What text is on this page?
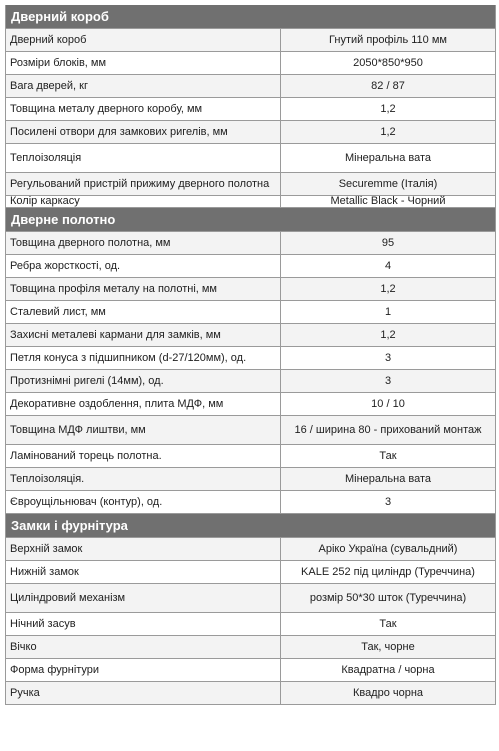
Дверний короб
Дверний короб	Гнутий профіль 110 мм
Розміри блоків, мм	2050*850*950
Вага дверей, кг	82 / 87
Товщина металу дверного коробу, мм	1,2
Посилені отвори для замкових ригелів, мм	1,2
Теплоізоляція	Мінеральна вата
Регульований пристрій прижиму дверного полотна	Securemme (Італія)
Колір каркасу	Metallic Black - Чорний
Дверне полотно
Товщина дверного полотна, мм	95
Ребра жорсткості, од.	4
Товщина профіля металу на полотні, мм	1,2
Сталевий лист, мм	1
Захисні металеві кармани для замків, мм	1,2
Петля конуса з підшипником (d-27/120мм), од.	3
Протизнімні ригелі (14мм), од.	3
Декоративне оздоблення, плита МДФ, мм	10 / 10
Товщина МДФ лиштви, мм	16 / ширина 80 - прихований монтаж
Ламінований торець полотна.	Так
Теплоізоляція.	Мінеральна вата
Євроущільнювач (контур), од.	3
Замки і фурнітура
Верхній замок	Аріко Україна (сувальдний)
Нижній замок	KALE 252 під циліндр (Туреччина)
Циліндровий механізм	розмір 50*30 шток (Туреччина)
Нічний засув	Так
Вічко	Так, чорне
Форма фурнітури	Квадратна / чорна
Ручка	Квадро чорна
